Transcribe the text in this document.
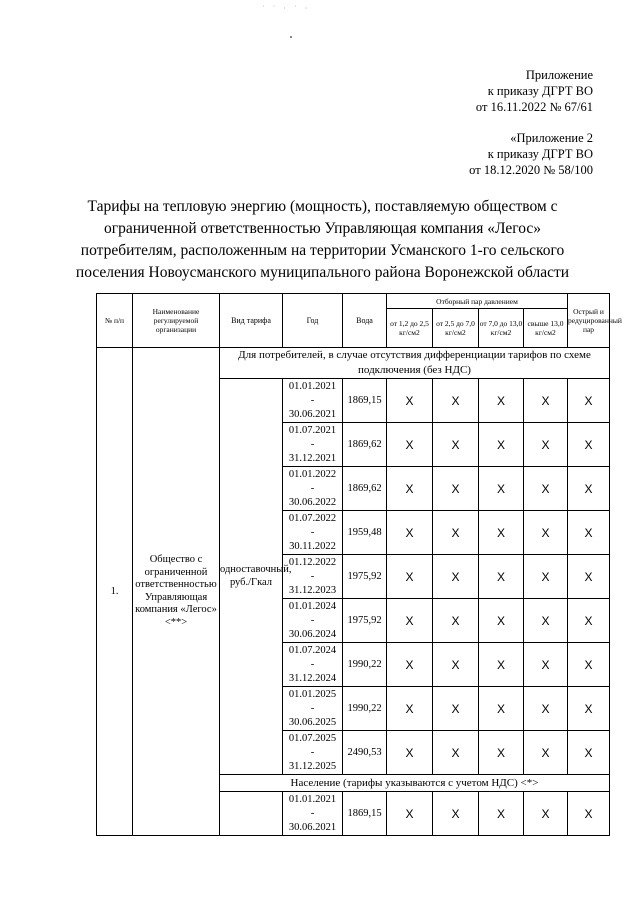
˙ ˙ · ˙ ·
Приложение
к приказу ДГРТ ВО
от 16.11.2022 № 67/61
«Приложение 2
к приказу ДГРТ ВО
от 18.12.2020 № 58/100
Тарифы на тепловую энергию (мощность), поставляемую обществом с
ограниченной ответственностью Управляющая компания «Легос»
потребителям, расположенным на территории Усманского 1-го сельского
поселения Новоусманского муниципального района Воронежской области
№ п/п	Наименование регулируемой организации	Вид тарифа	Год	Вода	Отборный пар давлением				Острый и редуцированный пар
					от 1,2 до 2,5 кг/см2	от 2,5 до 7,0 кг/см2	от 7,0 до 13,0 кг/см2	свыше 13,0 кг/см2	
1.	Общество с ограниченной ответственностью Управляющая компания «Легос» <**>	Для потребителей, в случае отсутствия дифференциации тарифов по схеме подключения (без НДС)							
		одноставочный, руб./Гкал	01.01.2021
-
30.06.2021	1869,15	Х	Х	Х	Х	Х

			01.07.2021
-
31.12.2021	1869,62	Х	Х	Х	Х	Х

			01.01.2022
-
30.06.2022	1869,62	Х	Х	Х	Х	Х

			01.07.2022
-
30.11.2022	1959,48	Х	Х	Х	Х	Х

			01.12.2022
-
31.12.2023	1975,92	Х	Х	Х	Х	Х

			01.01.2024
-
30.06.2024	1975,92	Х	Х	Х	Х	Х

			01.07.2024
-
31.12.2024	1990,22	Х	Х	Х	Х	Х

			01.01.2025
-
30.06.2025	1990,22	Х	Х	Х	Х	Х

			01.07.2025
-
31.12.2025	2490,53	Х	Х	Х	Х	Х
		Население (тарифы указываются с учетом НДС) <*>							

			01.01.2021
-
30.06.2021	1869,15	Х	Х	Х	Х	Х
